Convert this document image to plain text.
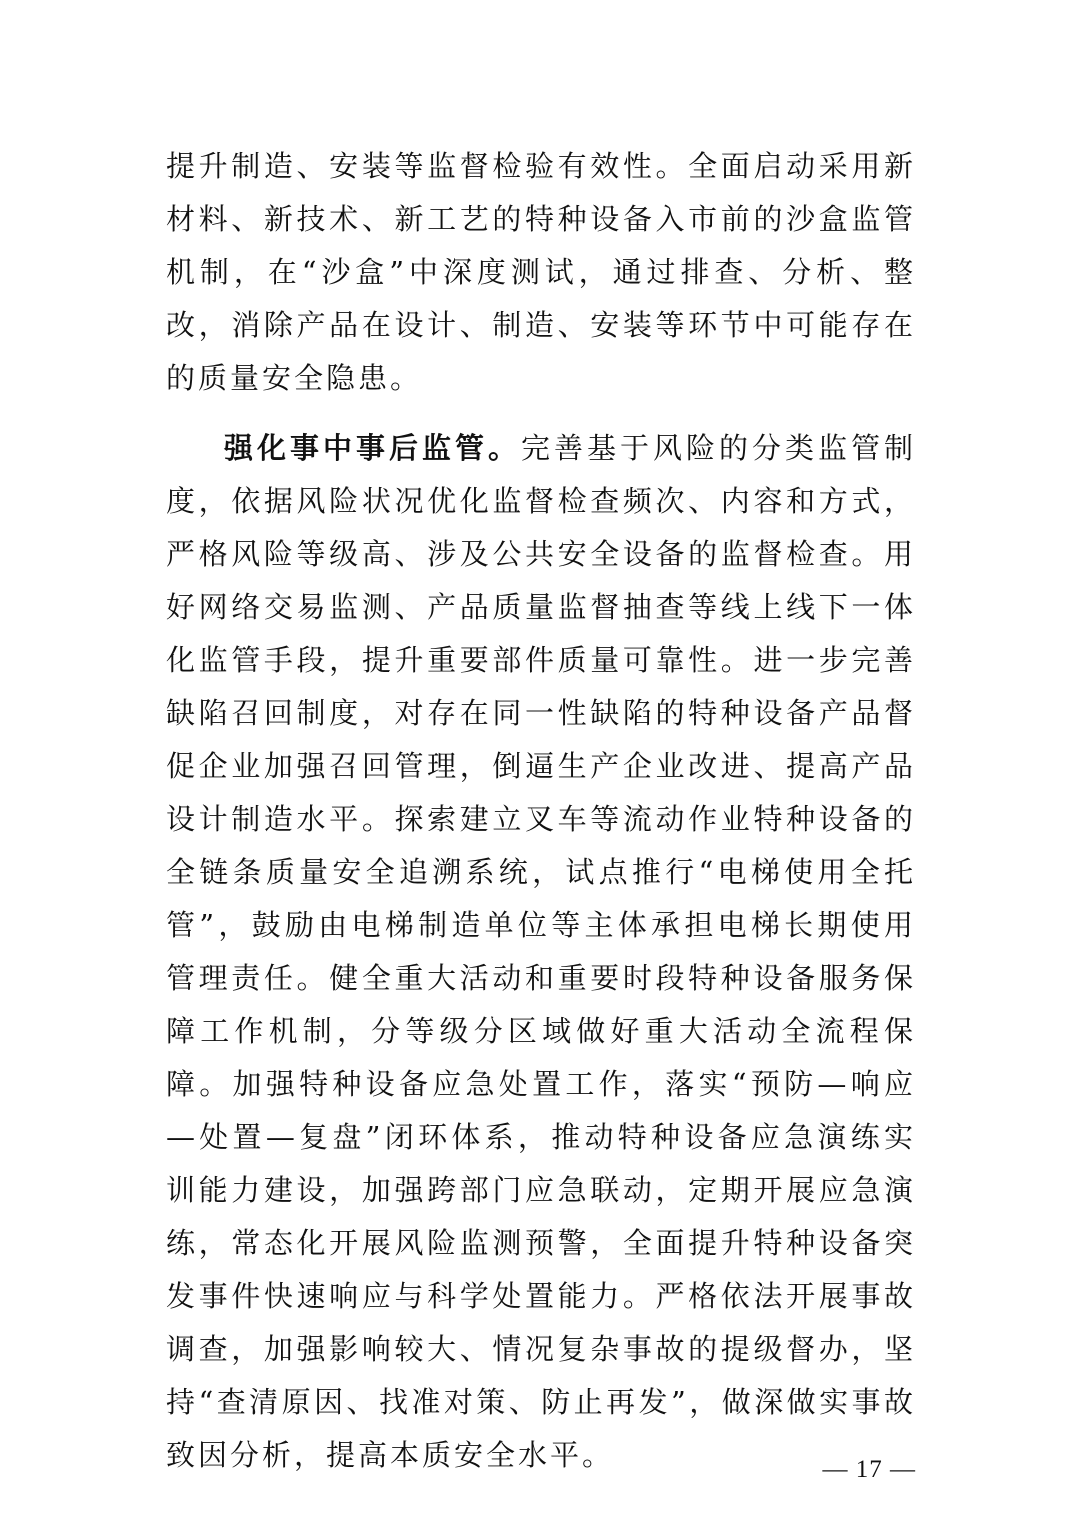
提升制造、安装等监督检验有效性。全面启动采用新材料、新技术、新工艺的特种设备入市前的沙盒监管机制，在“沙盒”中深度测试，通过排查、分析、整改，消除产品在设计、制造、安装等环节中可能存在的质量安全隐患。

强化事中事后监管。完善基于风险的分类监管制度，依据风险状况优化监督检查频次、内容和方式，严格风险等级高、涉及公共安全设备的监督检查。用好网络交易监测、产品质量监督抽查等线上线下一体化监管手段，提升重要部件质量可靠性。进一步完善缺陷召回制度，对存在同一性缺陷的特种设备产品督促企业加强召回管理，倒逼生产企业改进、提高产品设计制造水平。探索建立叉车等流动作业特种设备的全链条质量安全追溯系统，试点推行“电梯使用全托管”，鼓励由电梯制造单位等主体承担电梯长期使用管理责任。健全重大活动和重要时段特种设备服务保障工作机制，分等级分区域做好重大活动全流程保障。加强特种设备应急处置工作，落实“预防—响应—处置—复盘”闭环体系，推动特种设备应急演练实训能力建设，加强跨部门应急联动，定期开展应急演练，常态化开展风险监测预警，全面提升特种设备突发事件快速响应与科学处置能力。严格依法开展事故调查，加强影响较大、情况复杂事故的提级督办，坚持“查清原因、找准对策、防止再发”，做深做实事故致因分析，提高本质安全水平。	— 17 —
